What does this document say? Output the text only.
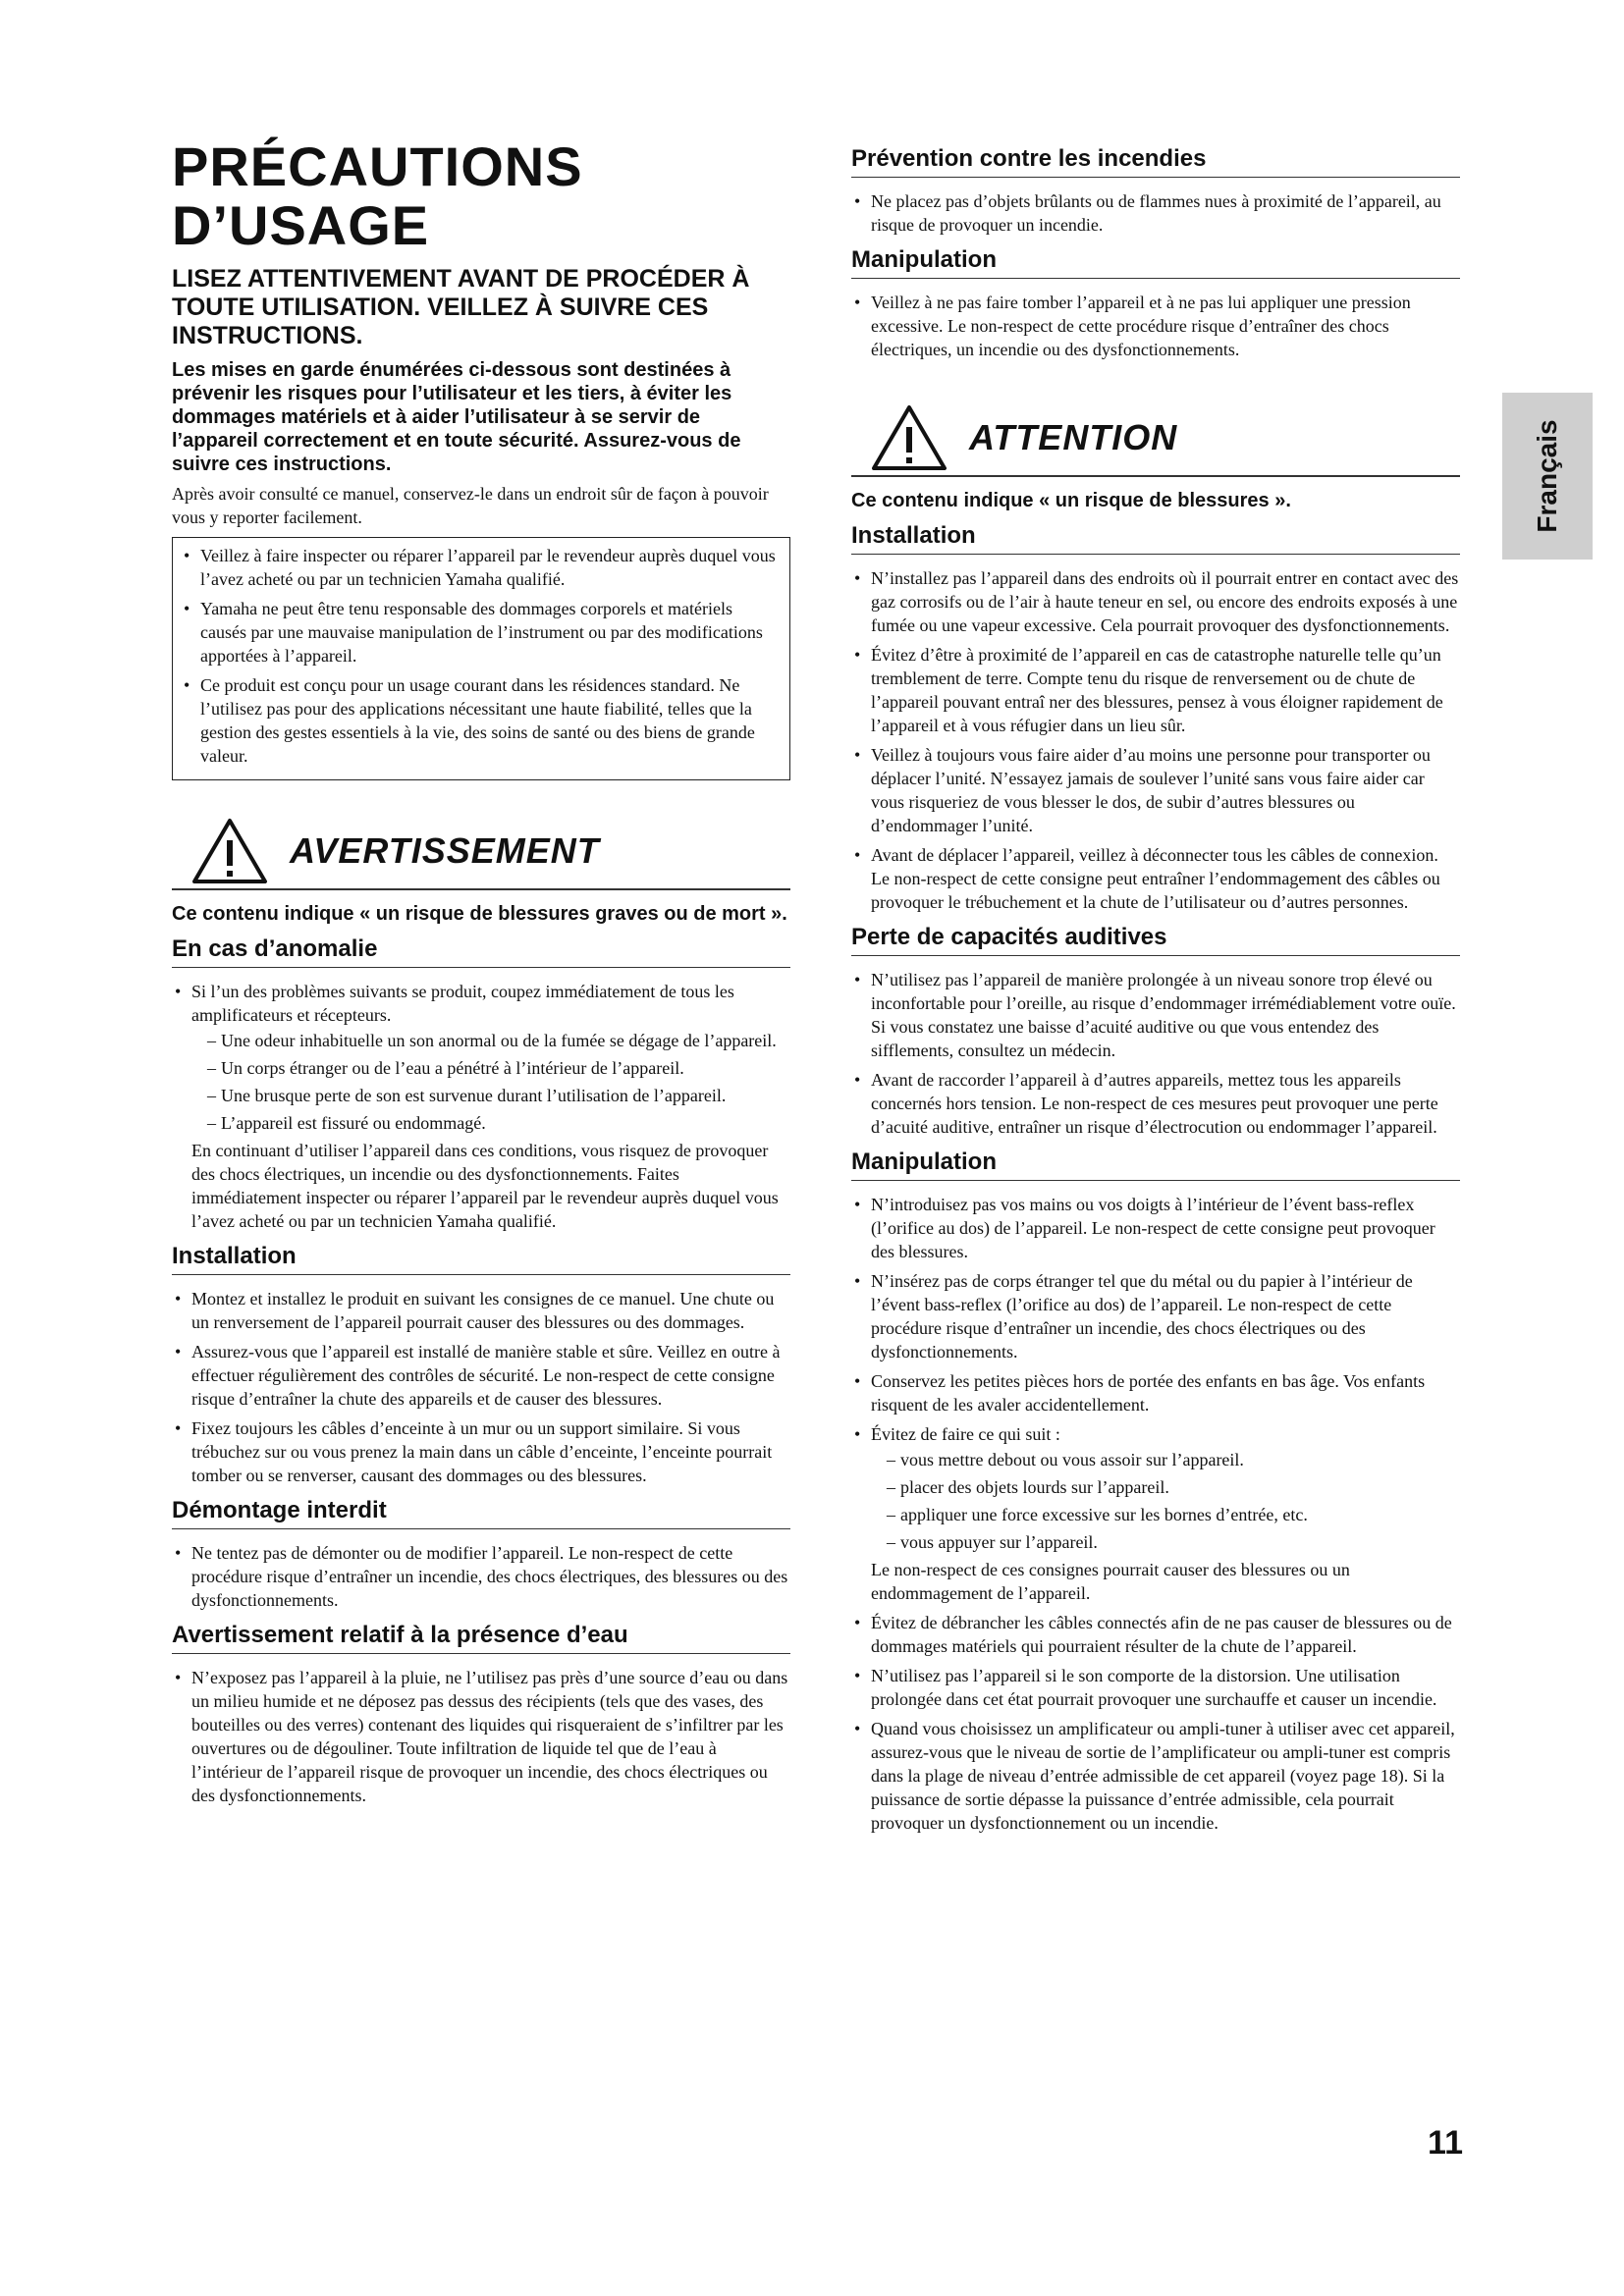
PRÉCAUTIONS D’USAGE
LISEZ ATTENTIVEMENT AVANT DE PROCÉDER À TOUTE UTILISATION. VEILLEZ À SUIVRE CES INSTRUCTIONS.
Les mises en garde énumérées ci-dessous sont destinées à prévenir les risques pour l’utilisateur et les tiers, à éviter les dommages matériels et à aider l’utilisateur à se servir de l’appareil correctement et en toute sécurité. Assurez-vous de suivre ces instructions.
Après avoir consulté ce manuel, conservez-le dans un endroit sûr de façon à pouvoir vous y reporter facilement.
• Veillez à faire inspecter ou réparer l’appareil par le revendeur auprès duquel vous l’avez acheté ou par un technicien Yamaha qualifié.
• Yamaha ne peut être tenu responsable des dommages corporels et matériels causés par une mauvaise manipulation de l’instrument ou par des modifications apportées à l’appareil.
• Ce produit est conçu pour un usage courant dans les résidences standard. Ne l’utilisez pas pour des applications nécessitant une haute fiabilité, telles que la gestion des gestes essentiels à la vie, des soins de santé ou des biens de grande valeur.
AVERTISSEMENT
Ce contenu indique « un risque de blessures graves ou de mort ».
En cas d’anomalie
• Si l’un des problèmes suivants se produit, coupez immédiatement de tous les amplificateurs et récepteurs.
– Une odeur inhabituelle un son anormal ou de la fumée se dégage de l’appareil.
– Un corps étranger ou de l’eau a pénétré à l’intérieur de l’appareil.
– Une brusque perte de son est survenue durant l’utilisation de l’appareil.
– L’appareil est fissuré ou endommagé.

En continuant d’utiliser l’appareil dans ces conditions, vous risquez de provoquer des chocs électriques, un incendie ou des dysfonctionnements. Faites immédiatement inspecter ou réparer l’appareil par le revendeur auprès duquel vous l’avez acheté ou par un technicien Yamaha qualifié.

Installation
• Montez et installez le produit en suivant les consignes de ce manuel. Une chute ou un renversement de l’appareil pourrait causer des blessures ou des dommages.
• Assurez-vous que l’appareil est installé de manière stable et sûre. Veillez en outre à effectuer régulièrement des contrôles de sécurité. Le non-respect de cette consigne risque d’entraîner la chute des appareils et de causer des blessures.
• Fixez toujours les câbles d’enceinte à un mur ou un support similaire. Si vous trébuchez sur ou vous prenez la main dans un câble d’enceinte, l’enceinte pourrait tomber ou se renverser, causant des dommages ou des blessures.
Démontage interdit
• Ne tentez pas de démonter ou de modifier l’appareil. Le non-respect de cette procédure risque d’entraîner un incendie, des chocs électriques, des blessures ou des dysfonctionnements.
Avertissement relatif à la présence d’eau
• N’exposez pas l’appareil à la pluie, ne l’utilisez pas près d’une source d’eau ou dans un milieu humide et ne déposez pas dessus des récipients (tels que des vases, des bouteilles ou des verres) contenant des liquides qui risqueraient de s’infiltrer par les ouvertures ou de dégouliner. Toute infiltration de liquide tel que de l’eau à l’intérieur de l’appareil risque de provoquer un incendie, des chocs électriques ou des dysfonctionnements.
Prévention contre les incendies
• Ne placez pas d’objets brûlants ou de flammes nues à proximité de l’appareil, au risque de provoquer un incendie.
Manipulation
• Veillez à ne pas faire tomber l’appareil et à ne pas lui appliquer une pression excessive. Le non-respect de cette procédure risque d’entraîner des chocs électriques, un incendie ou des dysfonctionnements.
ATTENTION
Ce contenu indique « un risque de blessures ».
Installation
• N’installez pas l’appareil dans des endroits où il pourrait entrer en contact avec des gaz corrosifs ou de l’air à haute teneur en sel, ou encore des endroits exposés à une fumée ou une vapeur excessive. Cela pourrait provoquer des dysfonctionnements.
• Évitez d’être à proximité de l’appareil en cas de catastrophe naturelle telle qu’un tremblement de terre. Compte tenu du risque de renversement ou de chute de l’appareil pouvant entraî ner des blessures, pensez à vous éloigner rapidement de l’appareil et à vous réfugier dans un lieu sûr.
• Veillez à toujours vous faire aider d’au moins une personne pour transporter ou déplacer l’unité. N’essayez jamais de soulever l’unité sans vous faire aider car vous risqueriez de vous blesser le dos, de subir d’autres blessures ou d’endommager l’unité.
• Avant de déplacer l’appareil, veillez à déconnecter tous les câbles de connexion. Le non-respect de cette consigne peut entraîner l’endommagement des câbles ou provoquer le trébuchement et la chute de l’utilisateur ou d’autres personnes.
Perte de capacités auditives
• N’utilisez pas l’appareil de manière prolongée à un niveau sonore trop élevé ou inconfortable pour l’oreille, au risque d’endommager irrémédiablement votre ouïe. Si vous constatez une baisse d’acuité auditive ou que vous entendez des sifflements, consultez un médecin.
• Avant de raccorder l’appareil à d’autres appareils, mettez tous les appareils concernés hors tension. Le non-respect de ces mesures peut provoquer une perte d’acuité auditive, entraîner un risque d’électrocution ou endommager l’appareil.
Manipulation
• N’introduisez pas vos mains ou vos doigts à l’intérieur de l’évent bass-reflex (l’orifice au dos) de l’appareil. Le non-respect de cette consigne peut provoquer des blessures.
• N’insérez pas de corps étranger tel que du métal ou du papier à l’intérieur de l’évent bass-reflex (l’orifice au dos) de l’appareil. Le non-respect de cette procédure risque d’entraîner un incendie, des chocs électriques ou des dysfonctionnements.
• Conservez les petites pièces hors de portée des enfants en bas âge. Vos enfants risquent de les avaler accidentellement.
• Évitez de faire ce qui suit :
– vous mettre debout ou vous assoir sur l’appareil.
– placer des objets lourds sur l’appareil.
– appliquer une force excessive sur les bornes d’entrée, etc.
– vous appuyer sur l’appareil.

Le non-respect de ces consignes pourrait causer des blessures ou un endommagement de l’appareil.

• Évitez de débrancher les câbles connectés afin de ne pas causer de blessures ou de dommages matériels qui pourraient résulter de la chute de l’appareil.
• N’utilisez pas l’appareil si le son comporte de la distorsion. Une utilisation prolongée dans cet état pourrait provoquer une surchauffe et causer un incendie.
• Quand vous choisissez un amplificateur ou ampli-tuner à utiliser avec cet appareil, assurez-vous que le niveau de sortie de l’amplificateur ou ampli-tuner est compris dans la plage de niveau d’entrée admissible de cet appareil (voyez page 18). Si la puissance de sortie dépasse la puissance d’entrée admissible, cela pourrait provoquer un dysfonctionnement ou un incendie.
Français
11
